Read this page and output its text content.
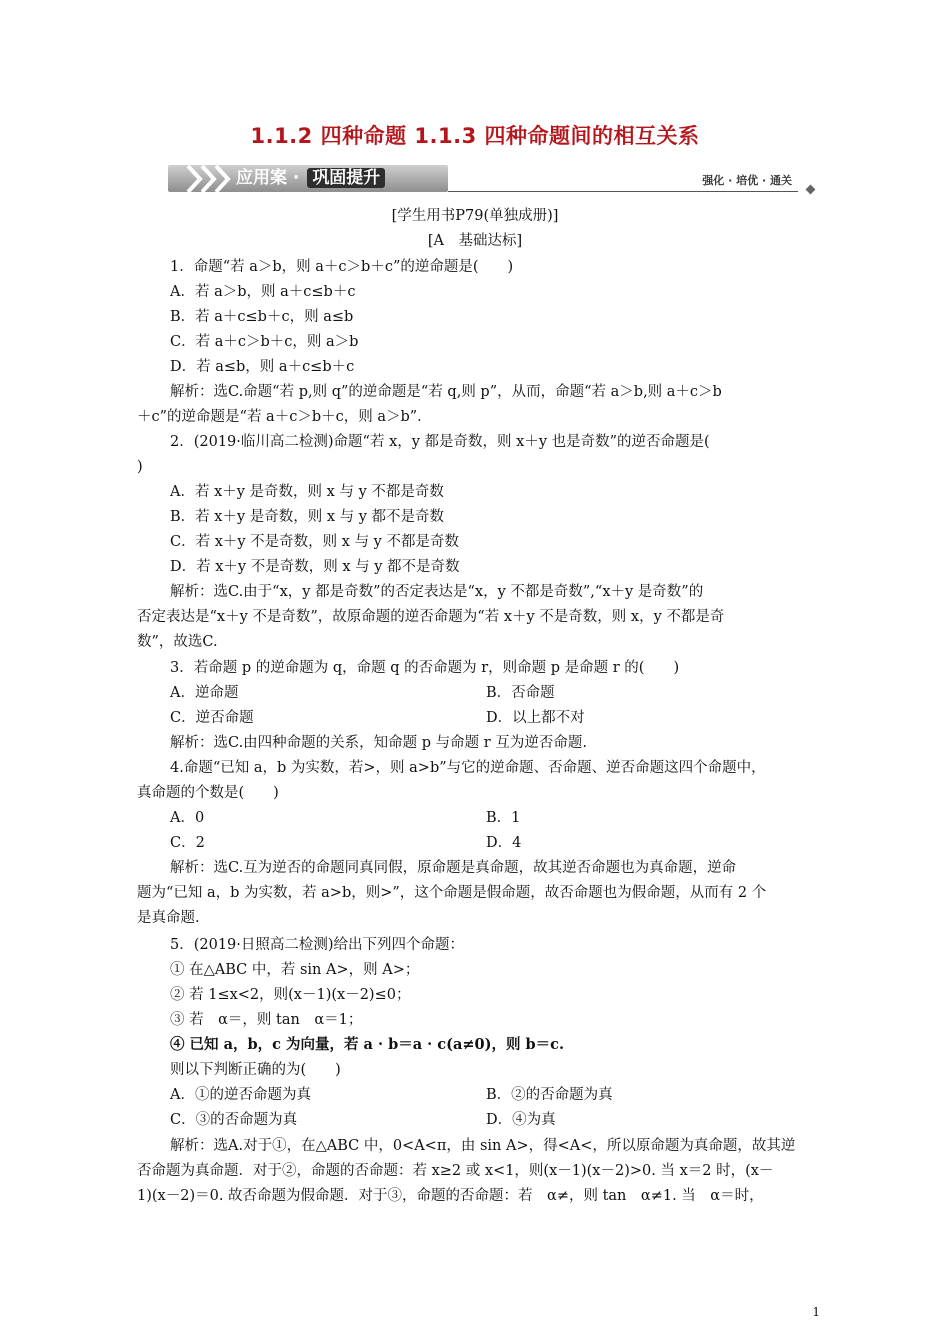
1.1.2 四种命题 1.1.3 四种命题间的相互关系
应用案 · 巩固提升	强化 · 培优 · 通关
[学生用书P79(单独成册)]
[A　基础达标]
1．命题“若 a＞b，则 a＋c＞b＋c”的逆命题是(　　)
A．若 a＞b，则 a＋c≤b＋c
B．若 a＋c≤b＋c，则 a≤b
C．若 a＋c＞b＋c，则 a＞b
D．若 a≤b，则 a＋c≤b＋c
解析：选C.命题“若 p,则 q”的逆命题是“若 q,则 p”，从而，命题“若 a＞b,则 a＋c＞b
＋c”的逆命题是“若 a＋c＞b＋c，则 a＞b”．
2．(2019·临川高二检测)命题“若 x，y 都是奇数，则 x＋y 也是奇数”的逆否命题是(
)
A．若 x＋y 是奇数，则 x 与 y 不都是奇数
B．若 x＋y 是奇数，则 x 与 y 都不是奇数
C．若 x＋y 不是奇数，则 x 与 y 不都是奇数
D．若 x＋y 不是奇数，则 x 与 y 都不是奇数
解析：选C.由于“x，y 都是奇数”的否定表达是“x，y 不都是奇数”,“x＋y 是奇数”的
否定表达是“x＋y 不是奇数”，故原命题的逆否命题为“若 x＋y 不是奇数，则 x，y 不都是奇
数”，故选C.
3．若命题 p 的逆命题为 q，命题 q 的否命题为 r，则命题 p 是命题 r 的(　　)
A．逆命题	B．否命题
C．逆否命题	D．以上都不对
解析：选C.由四种命题的关系，知命题 p 与命题 r 互为逆否命题.
4.命题“已知 a，b 为实数，若>，则 a>b”与它的逆命题、否命题、逆否命题这四个命题中，
真命题的个数是(　　)
A．0	B．1
C．2	D．4
解析：选C.互为逆否的命题同真同假，原命题是真命题，故其逆否命题也为真命题，逆命
题为“已知 a，b 为实数，若 a>b，则>”，这个命题是假命题，故否命题也为假命题，从而有 2 个
是真命题.
5．(2019·日照高二检测)给出下列四个命题：
① 在△ABC 中，若 sin A>，则 A>；
② 若 1≤x<2，则(x－1)(x－2)≤0；
③ 若　α＝，则 tan　α＝1；
④ 已知 a，b，c 为向量，若 a · b＝a · c(a≠0)，则 b＝c.
则以下判断正确的为(　　)
A．①的逆否命题为真	B．②的否命题为真
C．③的否命题为真	D．④为真
解析：选A.对于①，在△ABC 中，0<A<π，由 sin A>，得<A<，所以原命题为真命题，故其逆
否命题为真命题．对于②，命题的否命题：若 x≥2 或 x<1，则(x－1)(x－2)>0. 当 x＝2 时，(x－
1)(x－2)＝0. 故否命题为假命题．对于③，命题的否命题：若　α≠，则 tan　α≠1. 当　α＝时，
1
